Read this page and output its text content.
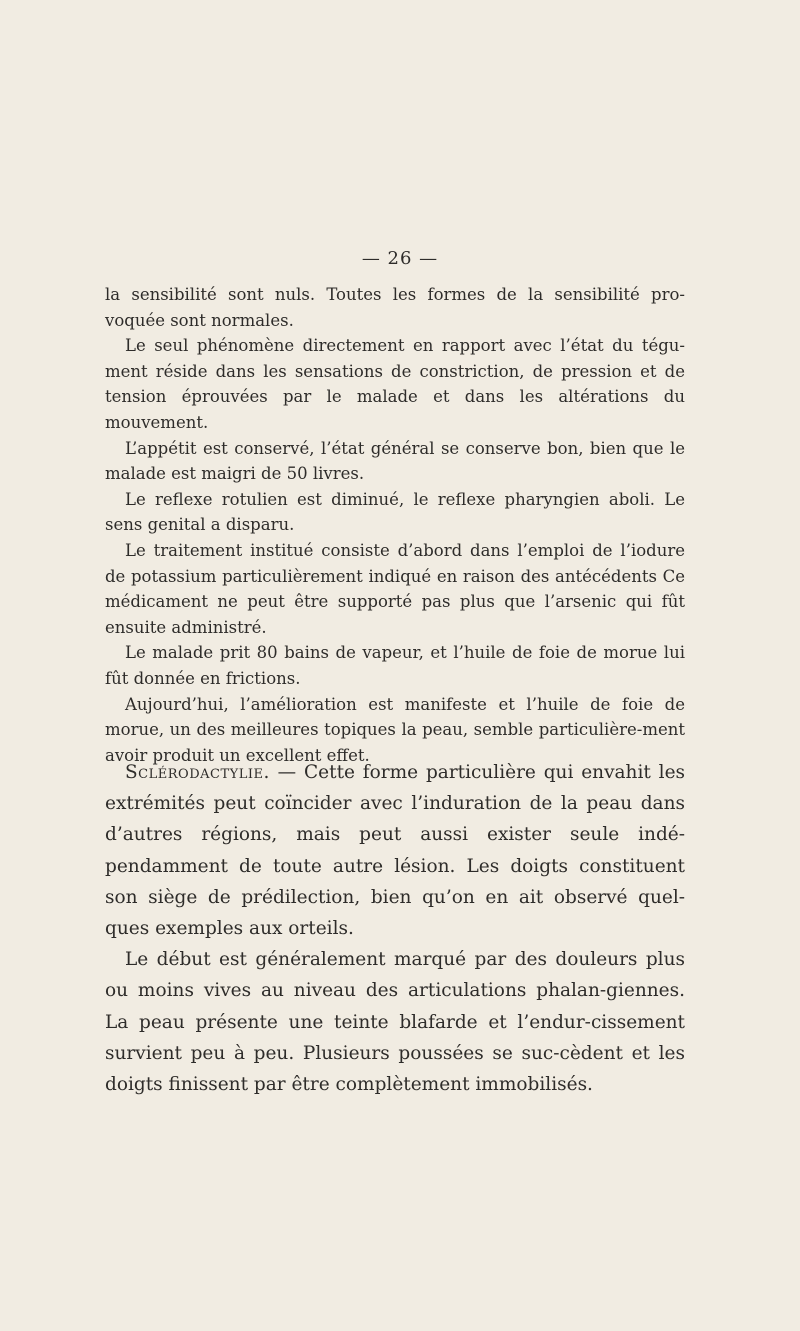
— 26 —

la sensibilité sont nuls. Toutes les formes de la sensibilité pro-voquée sont normales.

Le seul phénomène directement en rapport avec l’état du tégu-ment réside dans les sensations de constriction, de pression et de tension éprouvées par le malade et dans les altérations du mouvement.

L’appétit est conservé, l’état général se conserve bon, bien que le malade est maigri de 50 livres.

Le reflexe rotulien est diminué, le reflexe pharyngien aboli. Le sens genital a disparu.

Le traitement institué consiste d’abord dans l’emploi de l’iodure de potassium particulièrement indiqué en raison des antécédents Ce médicament ne peut être supporté pas plus que l’arsenic qui fût ensuite administré.

Le malade prit 80 bains de vapeur, et l’huile de foie de morue lui fût donnée en frictions.

Aujourd’hui, l’amélioration est manifeste et l’huile de foie de morue, un des meilleures topiques la peau, semble particulière-ment avoir produit un excellent effet.

Sclérodactylie. — Cette forme particulière qui envahit les extrémités peut coïncider avec l’induration de la peau dans d’autres régions, mais peut aussi exister seule indé-pendamment de toute autre lésion. Les doigts constituent son siège de prédilection, bien qu’on en ait observé quel-ques exemples aux orteils.

Le début est généralement marqué par des douleurs plus ou moins vives au niveau des articulations phalan-giennes. La peau présente une teinte blafarde et l’endur-cissement survient peu à peu. Plusieurs poussées se suc-cèdent et les doigts finissent par être complètement immobilisés.
